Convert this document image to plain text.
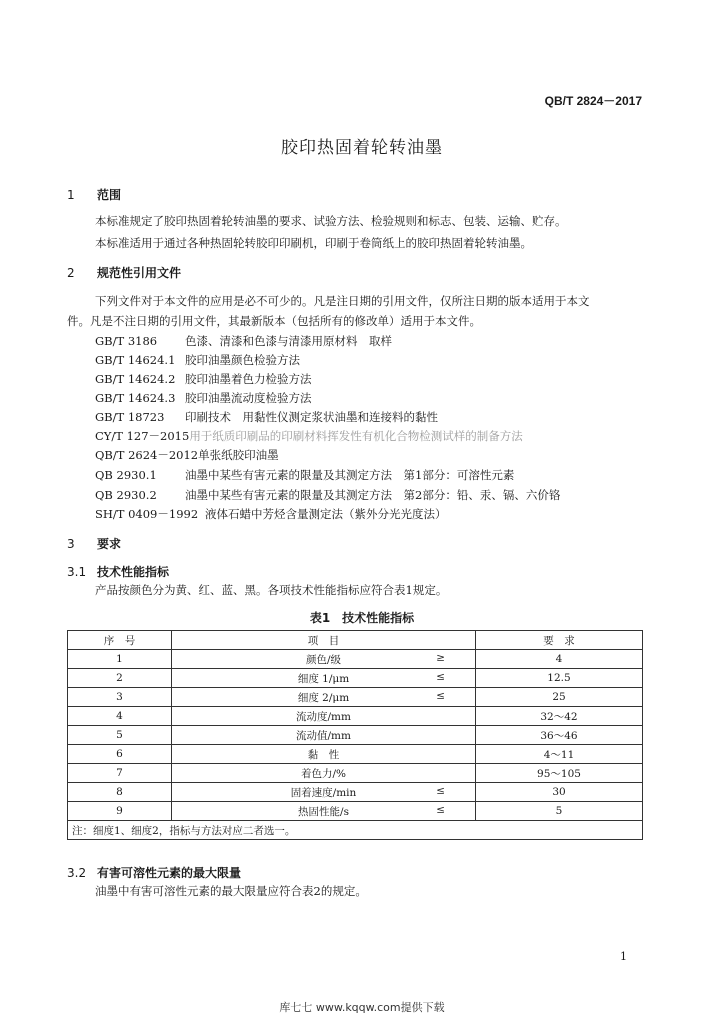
QB/T 2824－2017
胶印热固着轮转油墨
1 范围
本标准规定了胶印热固着轮转油墨的要求、试验方法、检验规则和标志、包装、运输、贮存。
本标准适用于通过各种热固轮转胶印印刷机，印刷于卷筒纸上的胶印热固着轮转油墨。
2 规范性引用文件
下列文件对于本文件的应用是必不可少的。凡是注日期的引用文件，仅所注日期的版本适用于本文
件。凡是不注日期的引用文件，其最新版本（包括所有的修改单）适用于本文件。
GB/T 3186 色漆、清漆和色漆与清漆用原材料　取样
GB/T 14624.1 胶印油墨颜色检验方法
GB/T 14624.2 胶印油墨着色力检验方法
GB/T 14624.3 胶印油墨流动度检验方法
GB/T 18723 印刷技术　用黏性仪测定浆状油墨和连接料的黏性
CY/T 127－2015用于纸质印刷品的印刷材料挥发性有机化合物检测试样的制备方法
QB/T 2624－2012单张纸胶印油墨
QB 2930.1 油墨中某些有害元素的限量及其测定方法　第1部分：可溶性元素
QB 2930.2 油墨中某些有害元素的限量及其测定方法　第2部分：铅、汞、镉、六价铬
SH/T 0409－1992 液体石蜡中芳烃含量测定法（紫外分光光度法）
3 要求
3.1 技术性能指标
产品按颜色分为黄、红、蓝、黑。各项技术性能指标应符合表1规定。
表1　技术性能指标
序　号	项　目	要　求
1	颜色/级 ≥	4
2	细度 1/μm ≤	12.5
3	细度 2/μm ≤	25
4	流动度/mm	32～42
5	流动值/mm	36～46
6	黏　性	4～11
7	着色力/%	95～105
8	固着速度/min ≤	30
9	热固性能/s ≤	5
注：细度1、细度2，指标与方法对应二者选一。		
3.2 有害可溶性元素的最大限量
油墨中有害可溶性元素的最大限量应符合表2的规定。
1
库七七 www.kqqw.com提供下载
